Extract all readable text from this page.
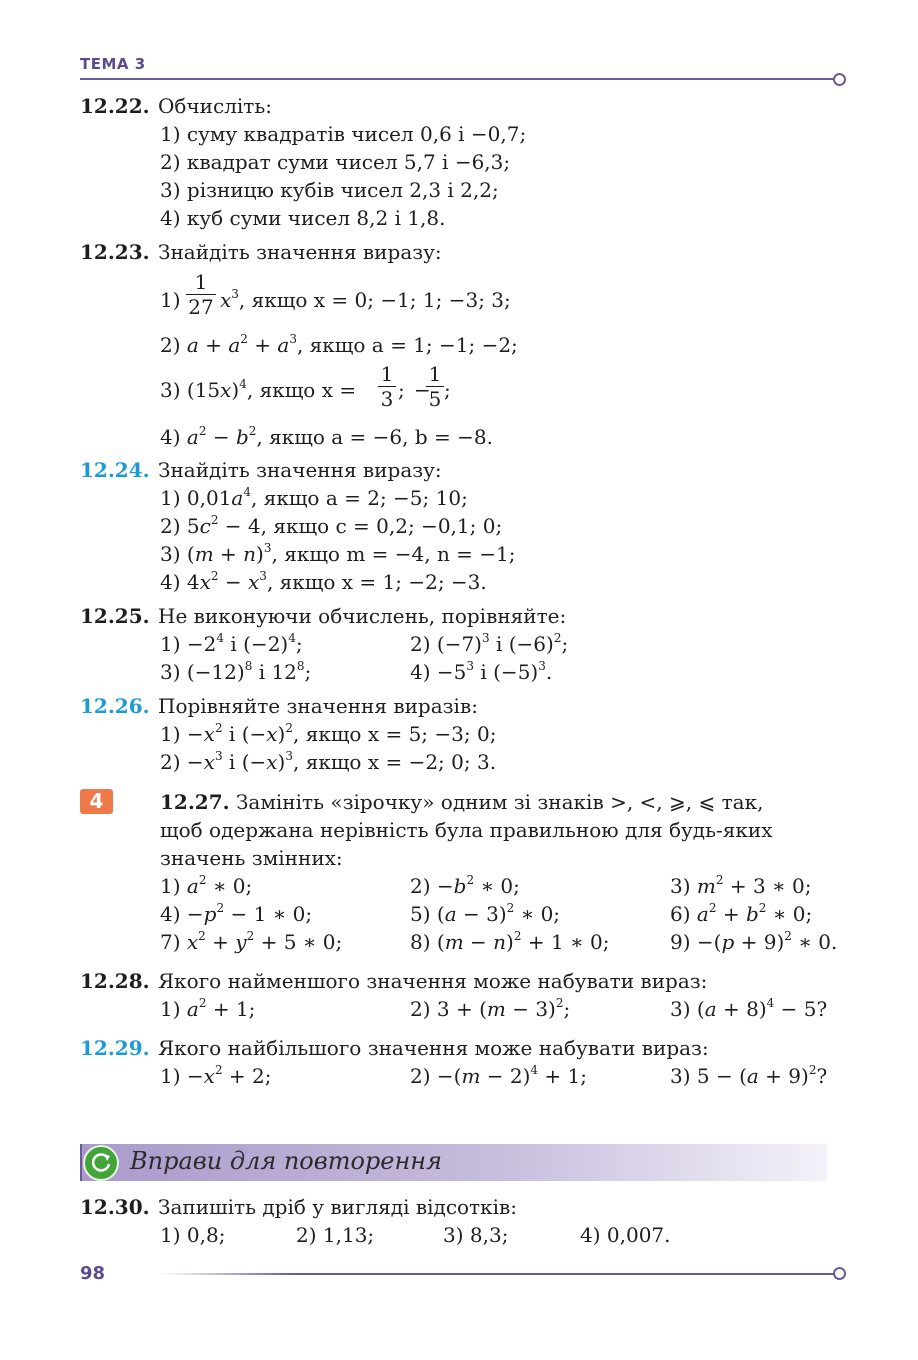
ТЕМА 3
12.22. Обчисліть:
1) суму квадратів чисел 0,6 і −0,7;
2) квадрат суми чисел 5,7 і −6,3;
3) різницю кубів чисел 2,3 і 2,2;
4) куб суми чисел 8,2 і 1,8.
12.23. Знайдіть значення виразу:
1)
1
27 $x^3$, якщо x = 0; −1; 1; −3; 3;
2) $a + a^2 + a^3$, якщо a = 1; −1; −2;
3) $(15x)^4$, якщо x =
1
3 ; −
1
5 ;
4) $a^2 - b^2$, якщо a = −6, b = −8.
12.24. Знайдіть значення виразу:
1) $0,01a^4$, якщо a = 2; −5; 10;
2) $5c^2 - 4$, якщо c = 0,2; −0,1; 0;
3) $(m + n)^3$, якщо m = −4, n = −1;
4) $4x^2 - x^3$, якщо x = 1; −2; −3.
12.25. Не виконуючи обчислень, порівняйте:
$1) -2^4$ і $(-2)^4$;	2) $(-7)^3$ і $(-6)^2$;
3) $(-12)^8$ і $12^8$;	$4) -5^3$ і $(-5)^3$.
12.26. Порівняйте значення виразів:
$1) -x^2$ і $(-x)^2$, якщо x = 5; −3; 0;
$2) -x^3$ і $(-x)^3$, якщо x = −2; 0; 3.
4	12.27. Замініть «зірочку» одним зі знаків >, <, ⩾, ⩽ так,
щоб одержана нерівність була правильною для будь-яких
значень змінних:
1) $a^2$ ∗ 0;	$2) -b^2$ ∗ 0;	3) $m^2 + 3$ ∗ 0;
$4) -p^2 - 1$ ∗ 0;	5) $(a - 3)^2$ ∗ 0;	6) $a^2 + b^2$ ∗ 0;
7) $x^2 + y^2 + 5$ ∗ 0;	8) $(m - n)^2 + 1$ ∗ 0;	$9) -(p + 9)^2$ ∗ 0.
12.28. Якого найменшого значення може набувати вираз:
1) $a^2 + 1$;	2) $3 + (m - 3)^2$;	3) $(a + 8)^4 - 5$?
12.29. Якого найбільшого значення може набувати вираз:
$1) -x^2 + 2$;	$2) -(m - 2)^4 + 1$;	3) $5 - (a + 9)^2$?
Вправи для повторення
12.30. Запишіть дріб у вигляді відсотків:
1) 0,8;	2) 1,13;	3) 8,3;	4) 0,007.
98
